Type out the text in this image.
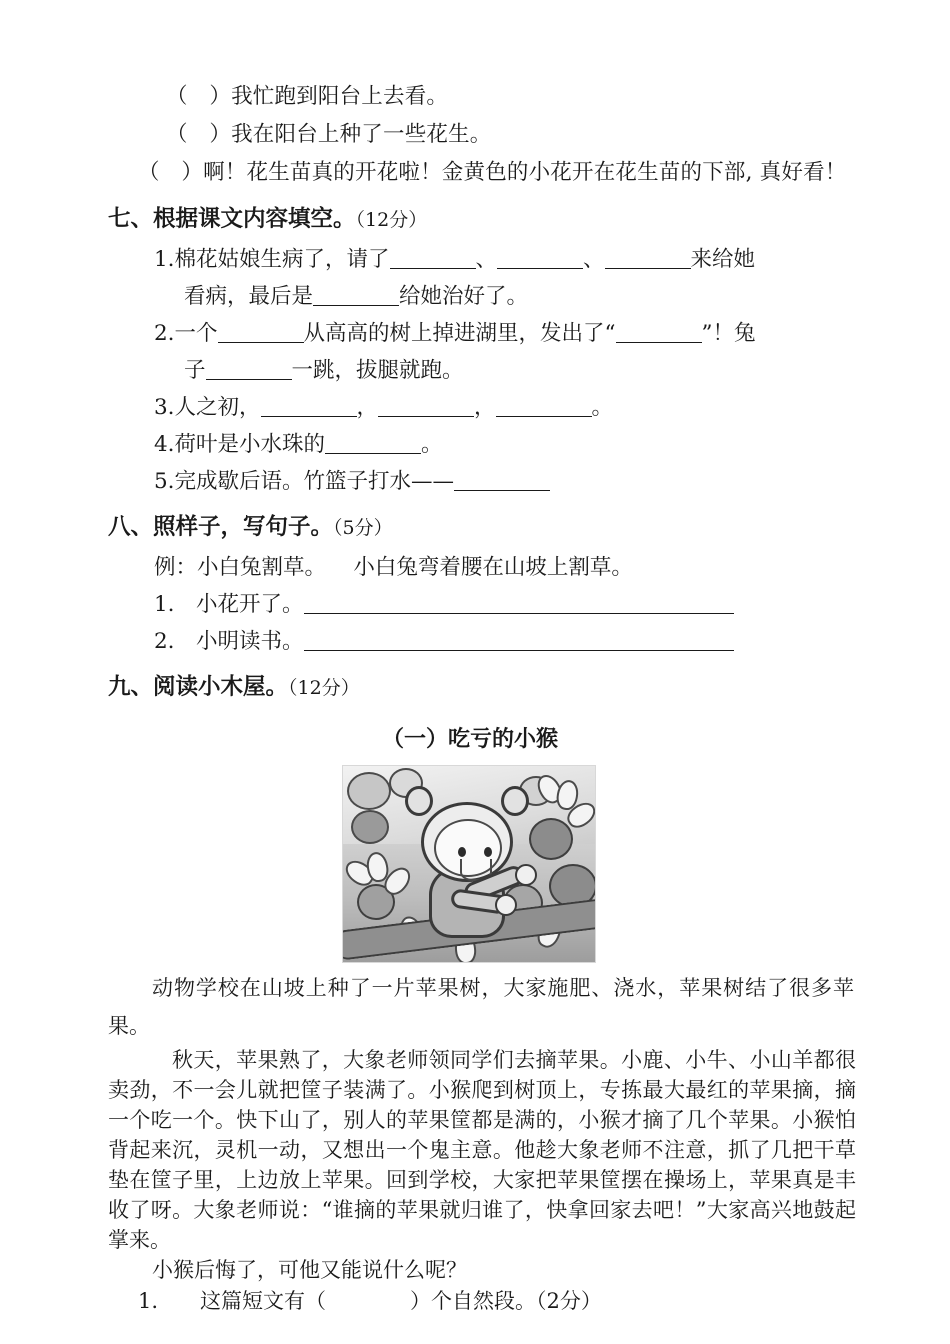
（　）我忙跑到阳台上去看。
（　）我在阳台上种了一些花生。
（　）啊！花生苗真的开花啦！金黄色的小花开在花生苗的下部, 真好看！
七、根据课文内容填空。（12分）
1.棉花姑娘生病了，请了	、	、	来给她
看病，最后是	给她治好了。
2.一个	从高高的树上掉进湖里，发出了“	”！兔
子	一跳，拔腿就跑。
3.人之初，	，	，	。
4.荷叶是小水珠的	。
5.完成歇后语。竹篮子打水——
八、照样子，写句子。（5分）
例：小白兔割草。 小白兔弯着腰在山坡上割草。
1.　小花开了。
2.　小明读书。
九、阅读小木屋。（12分）
（一）吃亏的小猴
动物学校在山坡上种了一片苹果树，大家施肥、浇水，苹果树结了很多苹果。
秋天，苹果熟了，大象老师领同学们去摘苹果。小鹿、小牛、小山羊都很卖劲，不一会儿就把筐子装满了。小猴爬到树顶上，专拣最大最红的苹果摘，摘一个吃一个。快下山了，别人的苹果筐都是满的，小猴才摘了几个苹果。小猴怕背起来沉，灵机一动，又想出一个鬼主意。他趁大象老师不注意，抓了几把干草垫在筐子里，上边放上苹果。回到学校，大家把苹果筐摆在操场上，苹果真是丰收了呀。大象老师说：“谁摘的苹果就归谁了，快拿回家去吧！”大家高兴地鼓起掌来。
小猴后悔了，可他又能说什么呢？
1.　　这篇短文有（　　　　）个自然段。（2分）
